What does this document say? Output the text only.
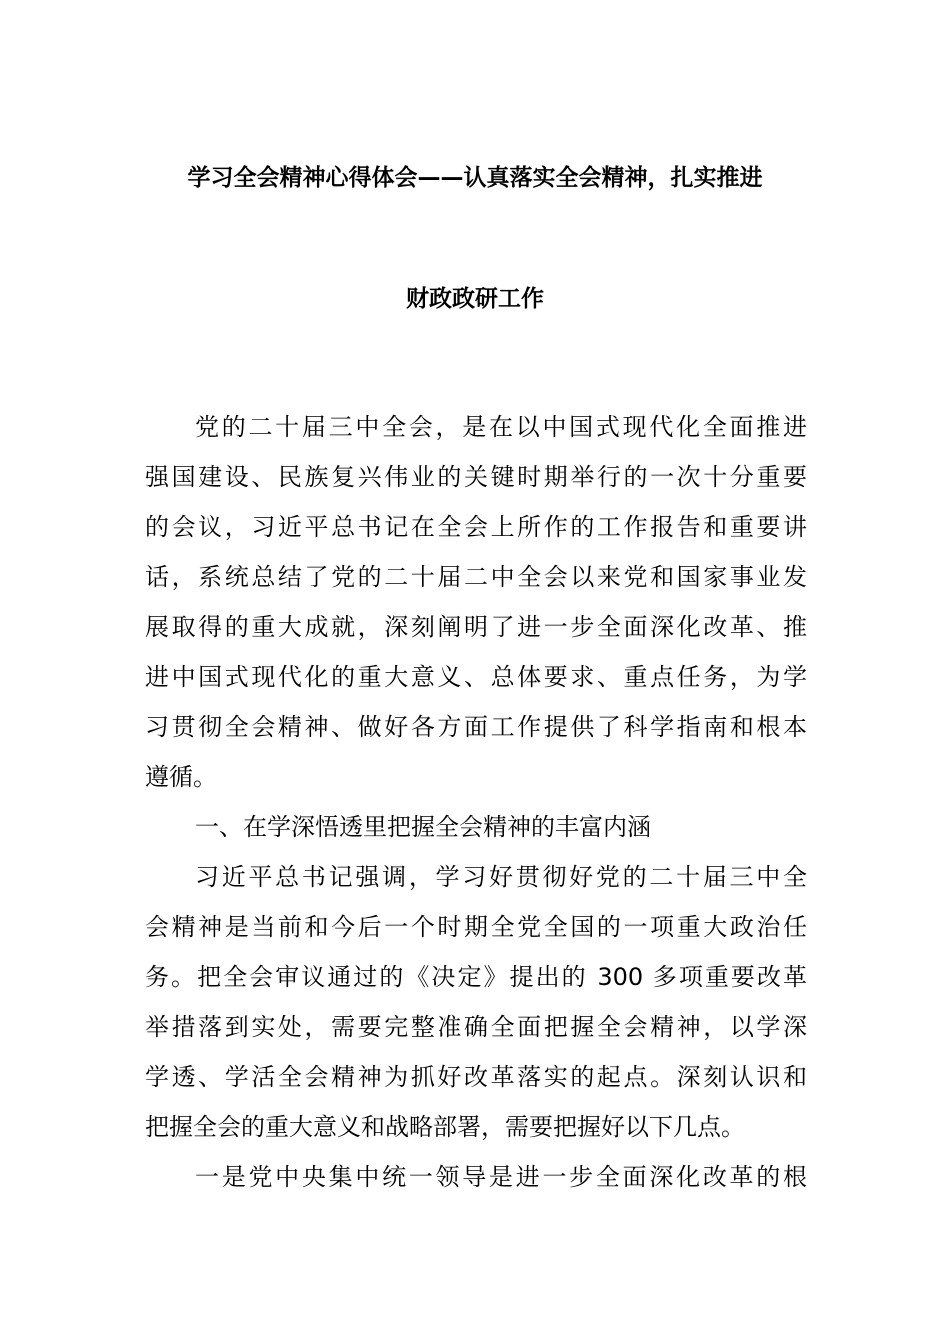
学习全会精神心得体会——认真落实全会精神，扎实推进
财政政研工作
党的二十届三中全会，是在以中国式现代化全面推进
强国建设、民族复兴伟业的关键时期举行的一次十分重要
的会议，习近平总书记在全会上所作的工作报告和重要讲
话，系统总结了党的二十届二中全会以来党和国家事业发
展取得的重大成就，深刻阐明了进一步全面深化改革、推
进中国式现代化的重大意义、总体要求、重点任务，为学
习贯彻全会精神、做好各方面工作提供了科学指南和根本
遵循。
一、在学深悟透里把握全会精神的丰富内涵
习近平总书记强调，学习好贯彻好党的二十届三中全
会精神是当前和今后一个时期全党全国的一项重大政治任
务。把全会审议通过的《决定》提出的 300 多项重要改革
举措落到实处，需要完整准确全面把握全会精神，以学深
学透、学活全会精神为抓好改革落实的起点。深刻认识和
把握全会的重大意义和战略部署，需要把握好以下几点。
一是党中央集中统一领导是进一步全面深化改革的根
